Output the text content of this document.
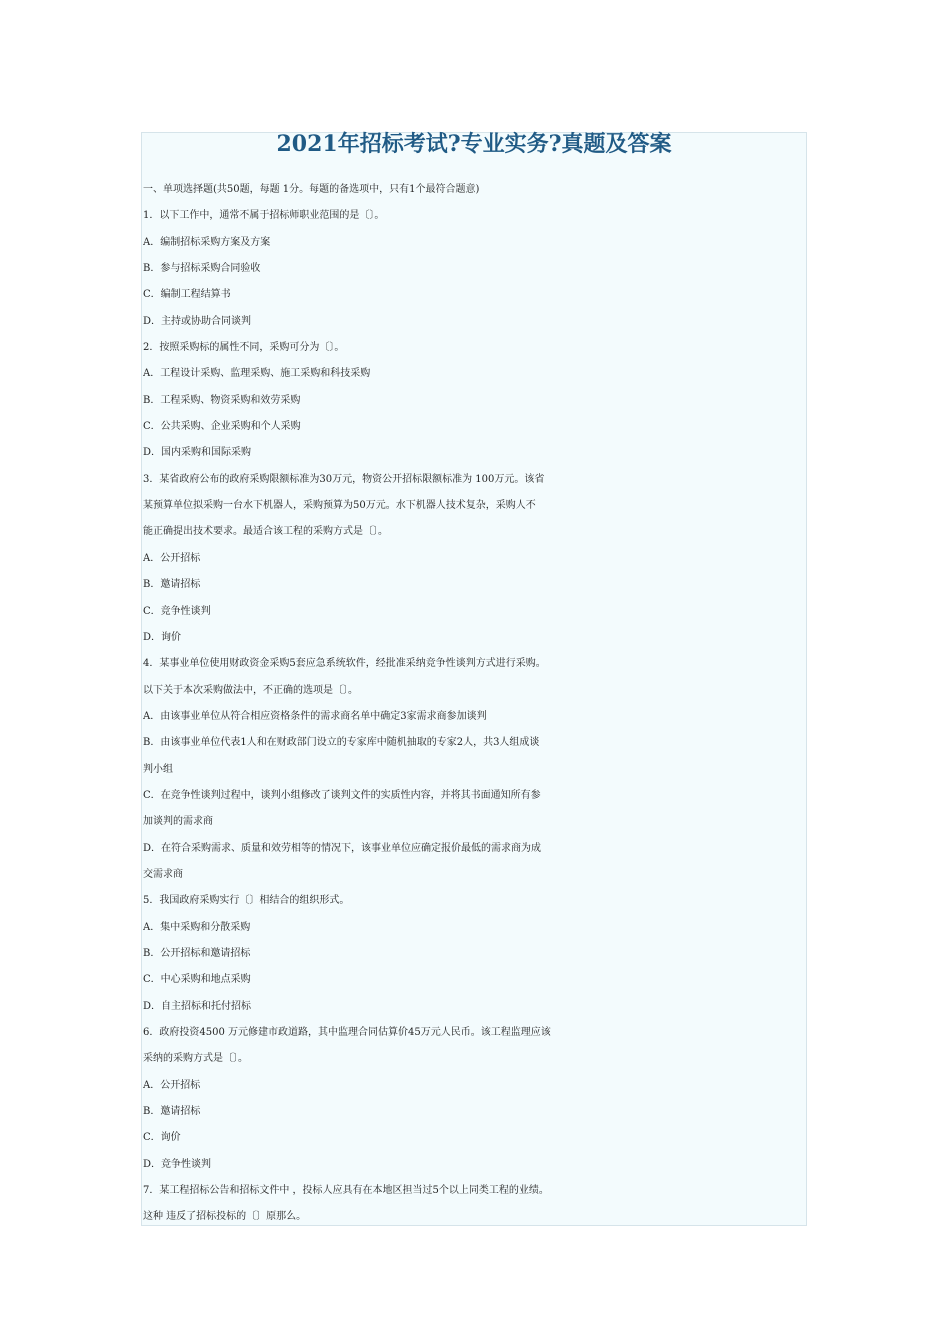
2021年招标考试?专业实务?真题及答案
一、单项选择题(共50题，每题 1分。每题的备选项中，只有1个最符合题意)
1．以下工作中，通常不属于招标师职业范围的是〔〕。
A．编制招标采购方案及方案
B．参与招标采购合同验收
C．编制工程结算书
D．主持或协助合同谈判
2．按照采购标的属性不同，采购可分为〔〕。
A．工程设计采购、监理采购、施工采购和科技采购
B．工程采购、物资采购和效劳采购
C．公共采购、企业采购和个人采购
D．国内采购和国际采购
3．某省政府公布的政府采购限额标准为30万元，物资公开招标限额标准为 100万元。该省
某预算单位拟采购一台水下机器人，采购预算为50万元。水下机器人技术复杂，采购人不
能正确提出技术要求。最适合该工程的采购方式是〔〕。
A．公开招标
B．邀请招标
C．竞争性谈判
D．询价
4．某事业单位使用财政资金采购5套应急系统软件，经批准采纳竞争性谈判方式进行采购。
以下关于本次采购做法中，不正确的选项是〔〕。
A．由该事业单位从符合相应资格条件的需求商名单中确定3家需求商参加谈判
B．由该事业单位代表1人和在财政部门设立的专家库中随机抽取的专家2人，共3人组成谈
判小组
C．在竞争性谈判过程中，谈判小组修改了谈判文件的实质性内容，并将其书面通知所有参
加谈判的需求商
D．在符合采购需求、质量和效劳相等的情况下，该事业单位应确定报价最低的需求商为成
交需求商
5．我国政府采购实行〔〕相结合的组织形式。
A．集中采购和分散采购
B．公开招标和邀请招标
C．中心采购和地点采购
D．自主招标和托付招标
6．政府投资4500 万元修建市政道路，其中监理合同估算价45万元人民币。该工程监理应该
采纳的采购方式是〔〕。
A．公开招标
B．邀请招标
C．询价
D．竞争性谈判
7．某工程招标公告和招标文件中 ，投标人应具有在本地区担当过5个以上同类工程的业绩。
这种 违反了招标投标的〔〕原那么。
